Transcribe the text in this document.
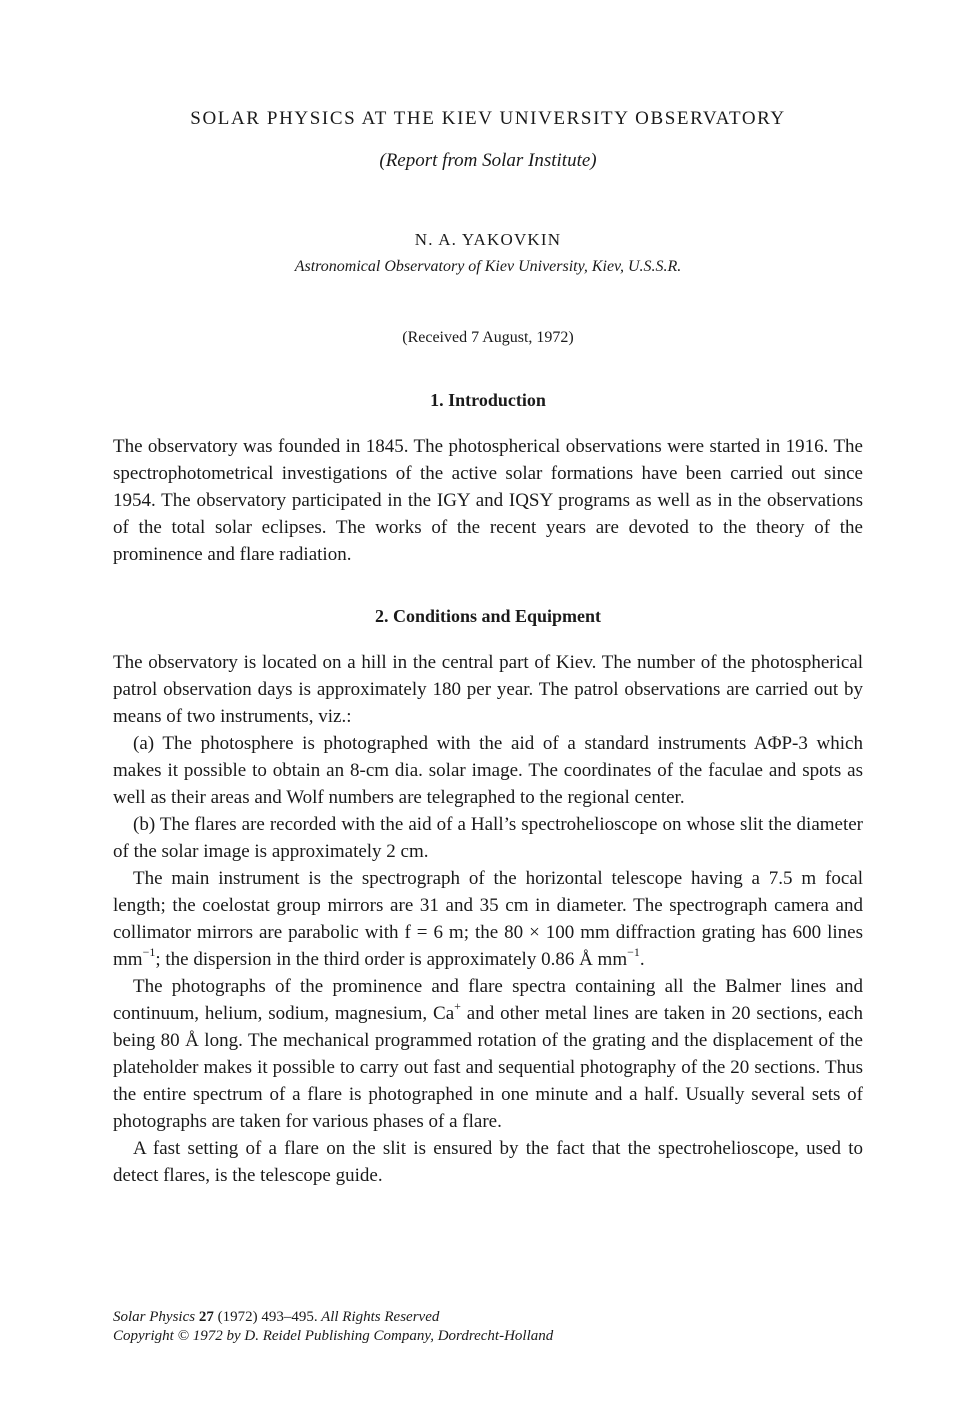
SOLAR PHYSICS AT THE KIEV UNIVERSITY OBSERVATORY
(Report from Solar Institute)
N. A. YAKOVKIN
Astronomical Observatory of Kiev University, Kiev, U.S.S.R.
(Received 7 August, 1972)
1. Introduction

The observatory was founded in 1845. The photospherical observations were started in 1916. The spectrophotometrical investigations of the active solar formations have been carried out since 1954. The observatory participated in the IGY and IQSY programs as well as in the observations of the total solar eclipses. The works of the recent years are devoted to the theory of the prominence and flare radiation.

2. Conditions and Equipment

The observatory is located on a hill in the central part of Kiev. The number of the photospherical patrol observation days is approximately 180 per year. The patrol observations are carried out by means of two instruments, viz.:

(a) The photosphere is photographed with the aid of a standard instruments AΦP-3 which makes it possible to obtain an 8-cm dia. solar image. The coordinates of the faculae and spots as well as their areas and Wolf numbers are telegraphed to the regional center.

(b) The flares are recorded with the aid of a Hall’s spectrohelioscope on whose slit the diameter of the solar image is approximately 2 cm.

The main instrument is the spectrograph of the horizontal telescope having a 7.5 m focal length; the coelostat group mirrors are 31 and 35 cm in diameter. The spectrograph camera and collimator mirrors are parabolic with f = 6 m; the 80 × 100 mm diffraction grating has 600 lines $mm^{-1}$; the dispersion in the third order is approximately 0.86 Å $mm^{-1}$.

The photographs of the prominence and flare spectra containing all the Balmer lines and continuum, helium, sodium, magnesium, Ca+ and other metal lines are taken in 20 sections, each being 80 Å long. The mechanical programmed rotation of the grating and the displacement of the plateholder makes it possible to carry out fast and sequential photography of the 20 sections. Thus the entire spectrum of a flare is photographed in one minute and a half. Usually several sets of photographs are taken for various phases of a flare.

A fast setting of a flare on the slit is ensured by the fact that the spectrohelioscope, used to detect flares, is the telescope guide.

Solar Physics 27 (1972) 493–495. All Rights Reserved
Copyright © 1972 by D. Reidel Publishing Company, Dordrecht-Holland
